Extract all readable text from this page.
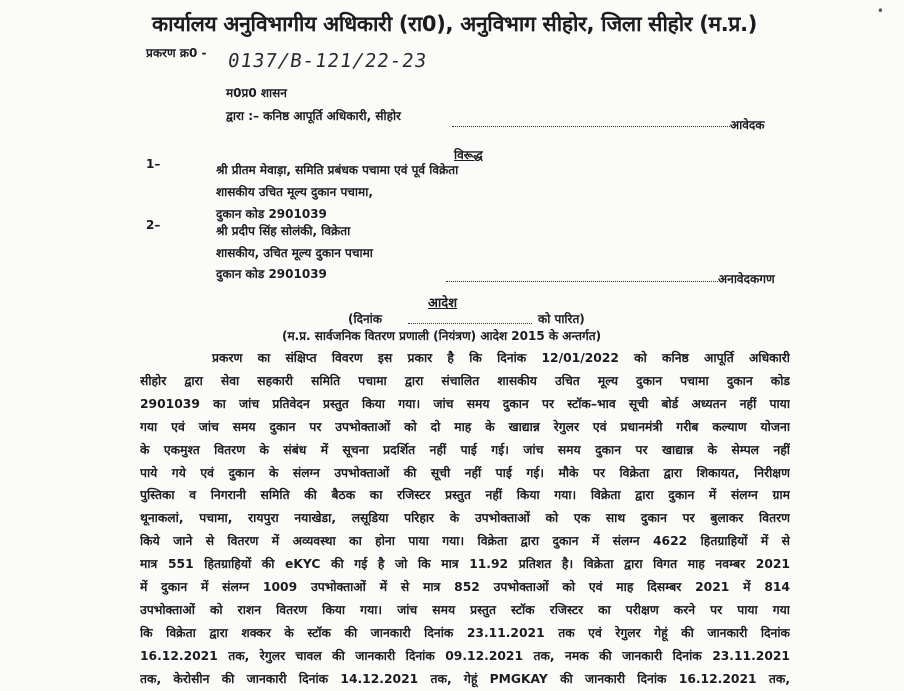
कार्यालय अनुविभागीय अधिकारी (रा0), अनुविभाग सीहोर, जिला सीहोर (म.प्र.)
•
प्रकरण क्र0 - 0137/B-121/22-23
म0प्र0 शासन
द्वारा :– कनिष्ठ आपूर्ति अधिकारी, सीहोर
आवेदक
विरूद्ध
1–	श्री प्रीतम मेवाड़ा, समिति प्रबंधक पचामा एवं पूर्व विक्रेता
शासकीय उचित मूल्य दुकान पचामा,
दुकान कोड 2901039
2–	श्री प्रदीप सिंह सोलंकी, विक्रेता
शासकीय, उचित मूल्य दुकान पचामा
दुकान कोड 2901039	अनावेदकगण
आदेश
(दिनांक	को पारित)
(म.प्र. सार्वजनिक वितरण प्रणाली (नियंत्रण) आदेश 2015 के अन्तर्गत)
प्रकरण का संक्षिप्त विवरण इस प्रकार है कि दिनांक 12/01/2022 को कनिष्ठ आपूर्ति अधिकारी
सीहोर द्वारा सेवा सहकारी समिति पचामा द्वारा संचालित शासकीय उचित मूल्य दुकान पचामा दुकान कोड
2901039 का जांच प्रतिवेदन प्रस्तुत किया गया। जांच समय दुकान पर स्टॉक–भाव सूची बोर्ड अध्यतन नहीं पाया
गया एवं जांच समय दुकान पर उपभोक्ताओं को दो माह के खाद्यान्न रेगुलर एवं प्रधानमंत्री गरीब कल्याण योजना
के एकमुश्त वितरण के संबंध में सूचना प्रदर्शित नहीं पाई गई। जांच समय दुकान पर खाद्यान्न के सेम्पल नहीं
पाये गये एवं दुकान के संलग्न उपभोक्ताओं की सूची नहीं पाई गई। मौके पर विक्रेता द्वारा शिकायत, निरीक्षण
पुस्तिका व निगरानी समिति की बैठक का रजिस्टर प्रस्तुत नहीं किया गया। विक्रेता द्वारा दुकान में संलग्न ग्राम
थूनाकलां, पचामा, रायपुरा नयाखेडा, लसूडिया परिहार के उपभोक्ताओं को एक साथ दुकान पर बुलाकर वितरण
किये जाने से वितरण में अव्यवस्था का होना पाया गया। विक्रेता द्वारा दुकान में संलग्न 4622 हितग्राहियों में से
मात्र 551 हितग्राहियों की eKYC की गई है जो कि मात्र 11.92 प्रतिशत है। विक्रेता द्वारा विगत माह नवम्बर 2021
में दुकान में संलग्न 1009 उपभोक्ताओं में से मात्र 852 उपभोक्ताओं को एवं माह दिसम्बर 2021 में 814
उपभोक्ताओं को राशन वितरण किया गया। जांच समय प्रस्तुत स्टॉक रजिस्टर का परीक्षण करने पर पाया गया
कि विक्रेता द्वारा शक्कर के स्टॉक की जानकारी दिनांक 23.11.2021 तक एवं रेगुलर गेहूं की जानकारी दिनांक
16.12.2021 तक, रेगुलर चावल की जानकारी दिनांक 09.12.2021 तक, नमक की जानकारी दिनांक 23.11.2021
तक, केरोसीन की जानकारी दिनांक 14.12.2021 तक, गेहूं PMGKAY की जानकारी दिनांक 16.12.2021 तक,
